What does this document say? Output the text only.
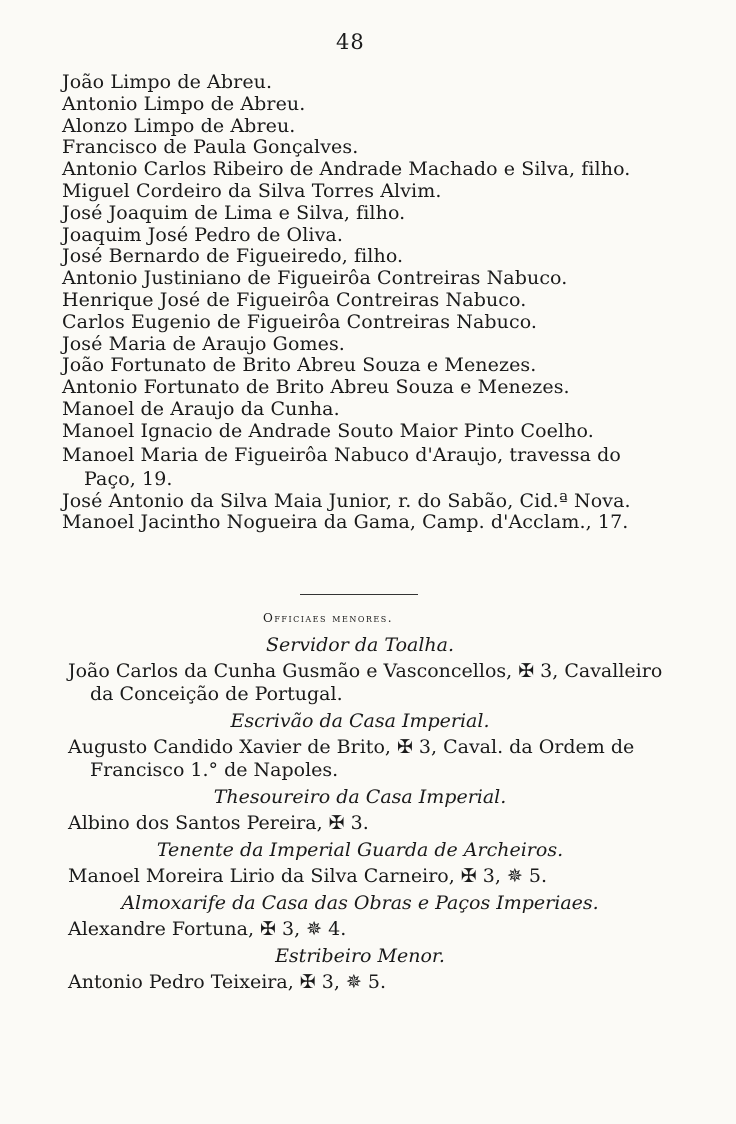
48
João Limpo de Abreu.
Antonio Limpo de Abreu.
Alonzo Limpo de Abreu.
Francisco de Paula Gonçalves.
Antonio Carlos Ribeiro de Andrade Machado e Silva, filho.
Miguel Cordeiro da Silva Torres Alvim.
José Joaquim de Lima e Silva, filho.
Joaquim José Pedro de Oliva.
José Bernardo de Figueiredo, filho.
Antonio Justiniano de Figueirôa Contreiras Nabuco.
Henrique José de Figueirôa Contreiras Nabuco.
Carlos Eugenio de Figueirôa Contreiras Nabuco.
José Maria de Araujo Gomes.
João Fortunato de Brito Abreu Souza e Menezes.
Antonio Fortunato de Brito Abreu Souza e Menezes.
Manoel de Araujo da Cunha.
Manoel Ignacio de Andrade Souto Maior Pinto Coelho.
Manoel Maria de Figueirôa Nabuco d'Araujo, travessa do Paço, 19.
José Antonio da Silva Maia Junior, r. do Sabão, Cid.ª Nova.
Manoel Jacintho Nogueira da Gama, Camp. d'Acclam., 17.
Officiaes menores.
Servidor da Toalha.
João Carlos da Cunha Gusmão e Vasconcellos, ✠ 3, Cavalleiro da Conceição de Portugal.
Escrivão da Casa Imperial.
Augusto Candido Xavier de Brito, ✠ 3, Caval. da Ordem de Francisco 1.° de Napoles.
Thesoureiro da Casa Imperial.
Albino dos Santos Pereira, ✠ 3.
Tenente da Imperial Guarda de Archeiros.
Manoel Moreira Lirio da Silva Carneiro, ✠ 3, ✵ 5.
Almoxarife da Casa das Obras e Paços Imperiaes.
Alexandre Fortuna, ✠ 3, ✵ 4.
Estribeiro Menor.
Antonio Pedro Teixeira, ✠ 3, ✵ 5.
